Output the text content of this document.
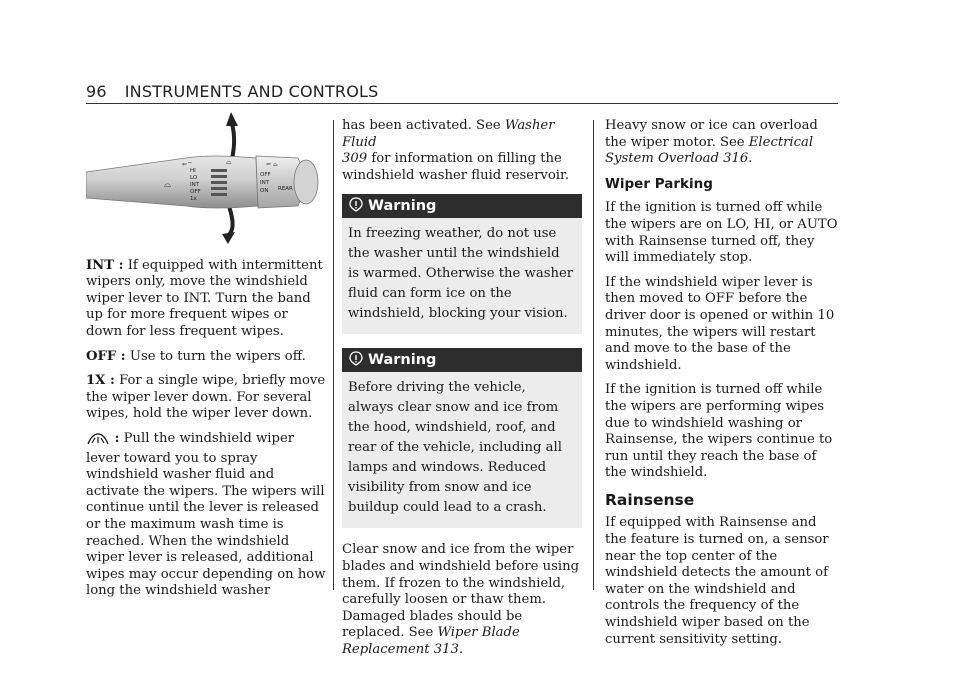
96 INSTRUMENTS AND CONTROLS
⇐⌔	⌓
⌓
HI
LO
INT
OFF
1x
OFF
INT
ON REAR
⇐ ⌓

INT : If equipped with intermittent wipers only, move the windshield wiper lever to INT. Turn the band up for more frequent wipes or down for less frequent wipes.

OFF : Use to turn the wipers off.

1X : For a single wipe, briefly move the wiper lever down. For several wipes, hold the wiper lever down.

: Pull the windshield wiper lever toward you to spray windshield washer fluid and activate the wipers. The wipers will continue until the lever is released or the maximum wash time is reached. When the windshield wiper lever is released, additional wipes may occur depending on how long the windshield washer

has been activated. See Washer Fluid
309 for information on filling the windshield washer fluid reservoir.

Warning
In freezing weather, do not use the washer until the windshield is warmed. Otherwise the washer fluid can form ice on the windshield, blocking your vision.
Warning
Before driving the vehicle, always clear snow and ice from the hood, windshield, roof, and rear of the vehicle, including all lamps and windows. Reduced visibility from snow and ice buildup could lead to a crash.

Clear snow and ice from the wiper blades and windshield before using them. If frozen to the windshield, carefully loosen or thaw them. Damaged blades should be replaced. See Wiper Blade Replacement 313.

Heavy snow or ice can overload the wiper motor. See Electrical System Overload 316.

Wiper Parking

If the ignition is turned off while the wipers are on LO, HI, or AUTO with Rainsense turned off, they will immediately stop.

If the windshield wiper lever is then moved to OFF before the driver door is opened or within 10 minutes, the wipers will restart and move to the base of the windshield.

If the ignition is turned off while the wipers are performing wipes due to windshield washing or Rainsense, the wipers continue to run until they reach the base of the windshield.

Rainsense

If equipped with Rainsense and the feature is turned on, a sensor near the top center of the windshield detects the amount of water on the windshield and controls the frequency of the windshield wiper based on the current sensitivity setting.
